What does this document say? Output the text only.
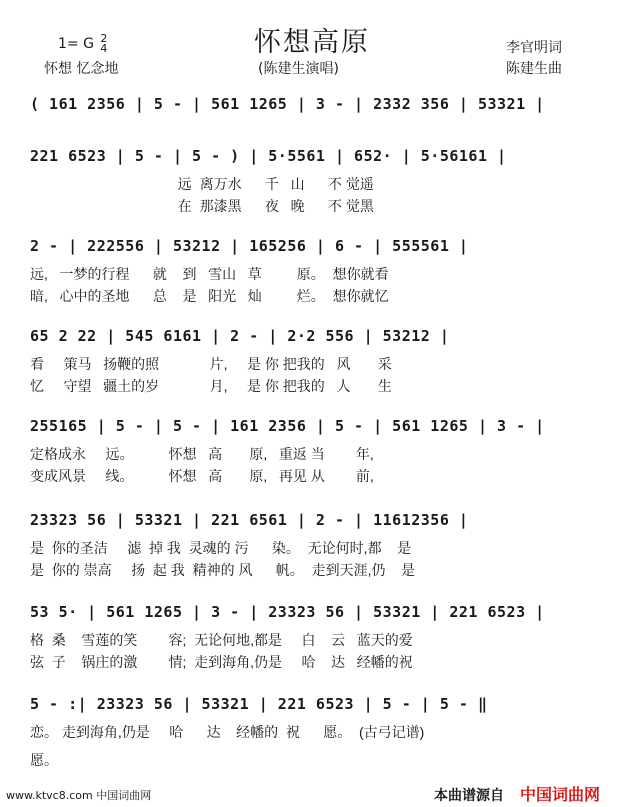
怀想高原
1= G 2
4
怀想 忆念地	(陈建生演唱)
李官明词
陈建生曲
( 161 2356 | 5 - | 561 1265 | 3 - | 2332 356 | 53321 |
221 6523 | 5 - | 5 - ) | 5·5561 | 652· | 5·56161 |
远  离万水      千   山      不 觉遥
在  那漆黑      夜   晚      不 觉黑
2 - | 222556 | 53212 | 165256 | 6 - | 555561 |
远,   一梦的行程      就    到   雪山   草         原。  想你就看
暗,   心中的圣地      总    是   阳光   灿         烂。  想你就忆
65 2 22 | 545 6161 | 2 - | 2·2 556 | 53212 |
看     策马   扬鞭的照             片,     是 你 把我的   风       采
忆     守望   疆土的岁             月,     是 你 把我的   人       生
255165 | 5 - | 5 - | 161 2356 | 5 - | 561 1265 | 3 - |
定格成永     远。         怀想   高       原,   重返 当        年,
变成风景     线。         怀想   高       原,   再见 从        前,
23323 56 | 53321 | 221 6561 | 2 - | 11612356 |
是  你的圣洁     滤  掉 我  灵魂的 污      染。  无论何时,都    是
是  你的 崇高     扬  起 我  精神的 风      帆。  走到天涯,仍    是
53 5· | 561 1265 | 3 - | 23323 56 | 53321 | 221 6523 |
格  桑    雪莲的笑        容;  无论何地,都是     白    云   蓝天的爱
弦  子    锅庄的激        情;  走到海角,仍是     哈    达   经幡的祝
5 - :| 23323 56 | 53321 | 221 6523 | 5 - | 5 - ‖
恋。 走到海角,仍是     哈      达    经幡的  祝      愿。  (古弓记谱)
愿。
www.ktvc8.com 中国词曲网	本曲谱源自 中国词曲网
